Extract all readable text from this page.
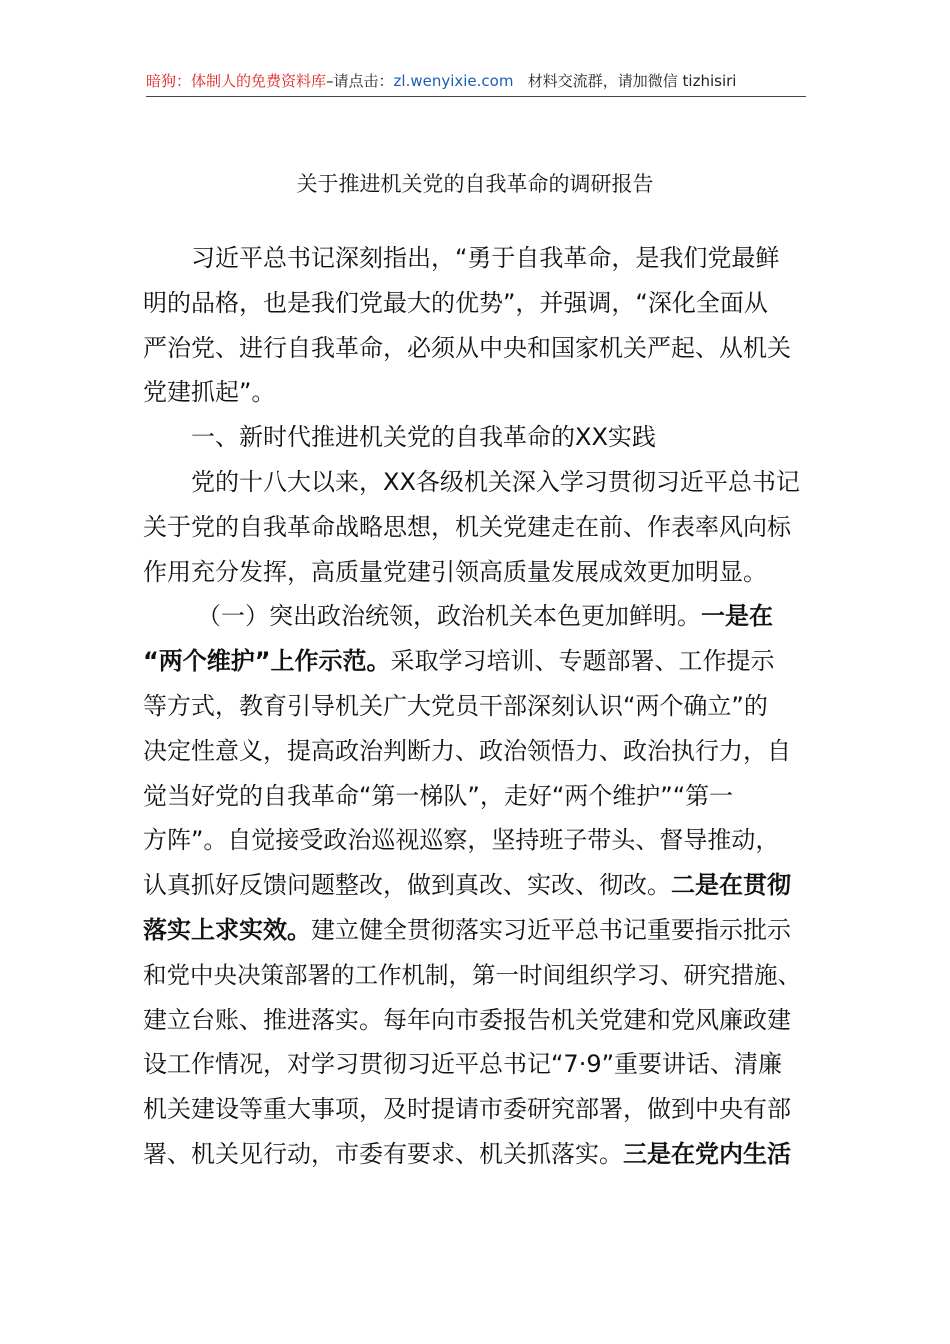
暗狗：体制人的免费资料库–请点击：zl.wenyixie.com 材料交流群，请加微信 tizhisiri
关于推进机关党的自我革命的调研报告
习近平总书记深刻指出，“勇于自我革命，是我们党最鲜
明的品格，也是我们党最大的优势”，并强调，“深化全面从
严治党、进行自我革命，必须从中央和国家机关严起、从机关
党建抓起”。
一、新时代推进机关党的自我革命的XX实践
党的十八大以来，XX各级机关深入学习贯彻习近平总书记
关于党的自我革命战略思想，机关党建走在前、作表率风向标
作用充分发挥，高质量党建引领高质量发展成效更加明显。
（一）突出政治统领，政治机关本色更加鲜明。一是在
“两个维护”上作示范。采取学习培训、专题部署、工作提示
等方式，教育引导机关广大党员干部深刻认识“两个确立”的
决定性意义，提高政治判断力、政治领悟力、政治执行力，自
觉当好党的自我革命“第一梯队”，走好“两个维护”“第一
方阵”。自觉接受政治巡视巡察，坚持班子带头、督导推动，
认真抓好反馈问题整改，做到真改、实改、彻改。二是在贯彻
落实上求实效。建立健全贯彻落实习近平总书记重要指示批示
和党中央决策部署的工作机制，第一时间组织学习、研究措施、
建立台账、推进落实。每年向市委报告机关党建和党风廉政建
设工作情况，对学习贯彻习近平总书记“7·9”重要讲话、清廉
机关建设等重大事项，及时提请市委研究部署，做到中央有部
署、机关见行动，市委有要求、机关抓落实。三是在党内生活
